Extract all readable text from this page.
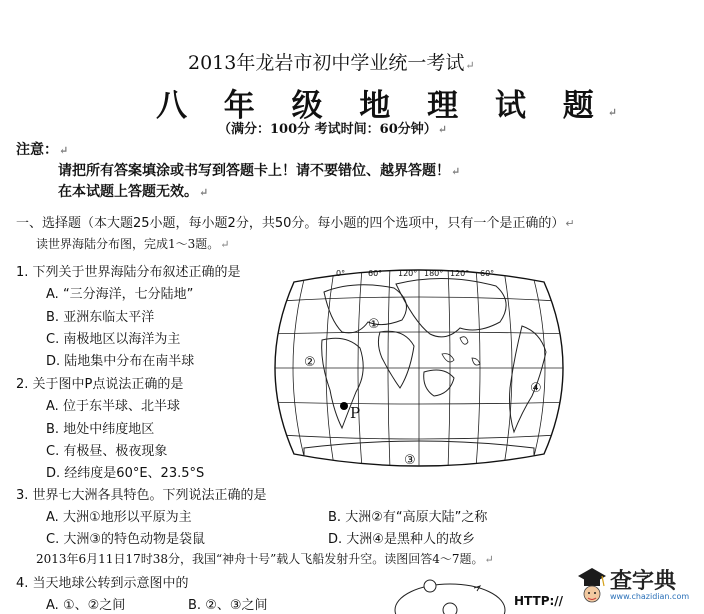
2013年龙岩市初中学业统一考试↵
八 年 级 地 理 试 题↵
（满分：100分 考试时间：60分钟）↵
注意：↵
请把所有答案填涂或书写到答题卡上！请不要错位、越界答题！↵
在本试题上答题无效。↵
一、选择题（本大题25小题，每小题2分，共50分。每小题的四个选项中，只有一个是正确的）↵
读世界海陆分布图，完成1～3题。↵
1. 下列关于世界海陆分布叙述正确的是
A. “三分海洋，七分陆地”
B. 亚洲东临太平洋
C. 南极地区以海洋为主
D. 陆地集中分布在南半球
2. 关于图中P点说法正确的是
A. 位于东半球、北半球
B. 地处中纬度地区
C. 有极昼、极夜现象
D. 经纬度是60°E、23.5°S
3. 世界七大洲各具特色。下列说法正确的是
A. 大洲①地形以平原为主	B. 大洲②有“高原大陆”之称
C. 大洲③的特色动物是袋鼠	D. 大洲④是黑种人的故乡
2013年6月11日17时38分，我国“神舟十号”载人飞船发射升空。读图回答4～7题。↵
4. 当天地球公转到示意图中的
A. ①、②之间	B. ②、③之间
0°	60° 120° 180° 120° 60°
①
②
③
④
P
HTTP://
查字典
www.chazidian.com
